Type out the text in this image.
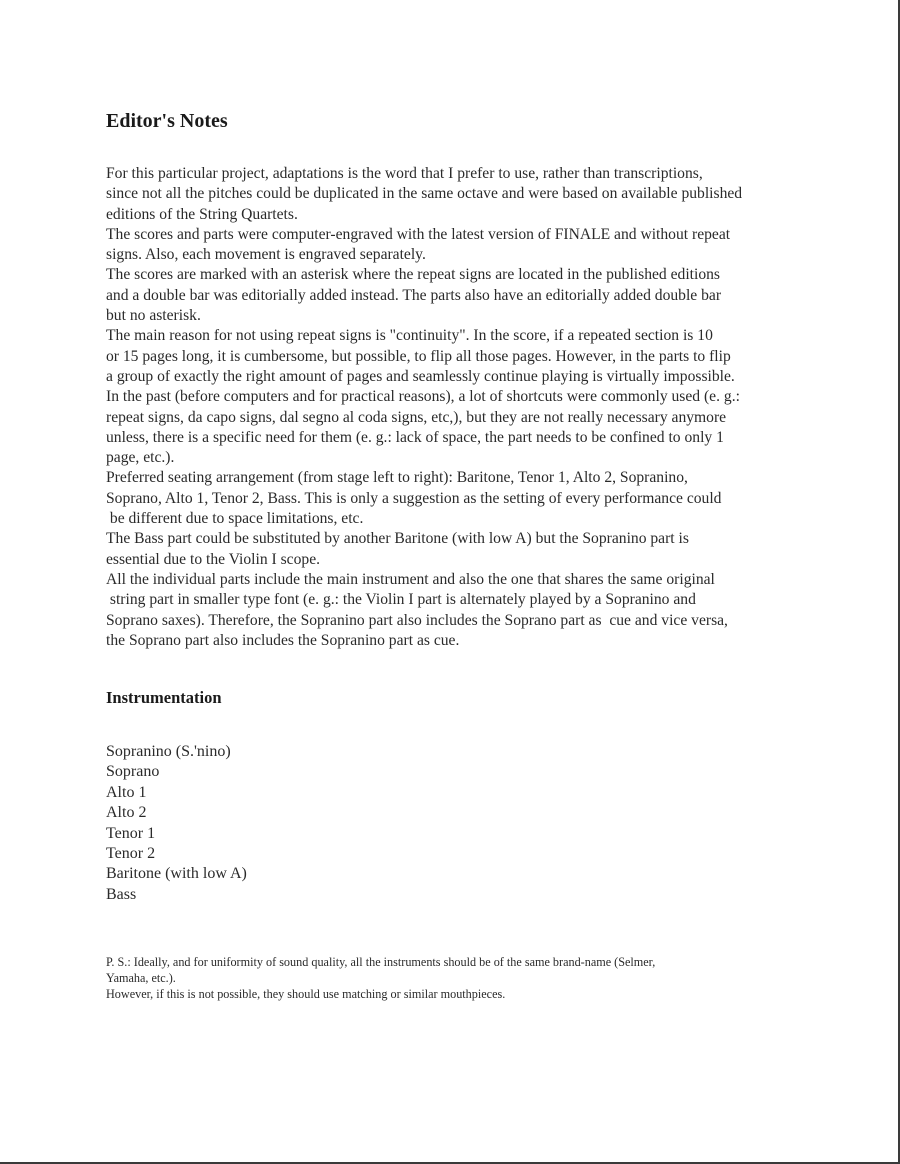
Editor's Notes
For this particular project, adaptations is the word that I prefer to use, rather than transcriptions,
since not all the pitches could be duplicated in the same octave and were based on available published
editions of the String Quartets.
The scores and parts were computer-engraved with the latest version of FINALE and without repeat
signs. Also, each movement is engraved separately.
The scores are marked with an asterisk where the repeat signs are located in the published editions
and a double bar was editorially added instead. The parts also have an editorially added double bar
but no asterisk.
The main reason for not using repeat signs is "continuity". In the score, if a repeated section is 10
or 15 pages long, it is cumbersome, but possible, to flip all those pages. However, in the parts to flip
a group of exactly the right amount of pages and seamlessly continue playing is virtually impossible.
In the past (before computers and for practical reasons), a lot of shortcuts were commonly used (e. g.:
repeat signs, da capo signs, dal segno al coda signs, etc,), but they are not really necessary anymore
unless, there is a specific need for them (e. g.: lack of space, the part needs to be confined to only 1
page, etc.).
Preferred seating arrangement (from stage left to right): Baritone, Tenor 1, Alto 2, Sopranino,
Soprano, Alto 1, Tenor 2, Bass. This is only a suggestion as the setting of every performance could
be different due to space limitations, etc.
The Bass part could be substituted by another Baritone (with low A) but the Sopranino part is
essential due to the Violin I scope.
All the individual parts include the main instrument and also the one that shares the same original
string part in smaller type font (e. g.: the Violin I part is alternately played by a Sopranino and
Soprano saxes). Therefore, the Sopranino part also includes the Soprano part as  cue and vice versa,
the Soprano part also includes the Sopranino part as cue.
Instrumentation
Sopranino (S.'nino)
Soprano
Alto 1
Alto 2
Tenor 1
Tenor 2
Baritone (with low A)
Bass
P. S.: Ideally, and for uniformity of sound quality, all the instruments should be of the same brand-name (Selmer,
Yamaha, etc.).
However, if this is not possible, they should use matching or similar mouthpieces.
